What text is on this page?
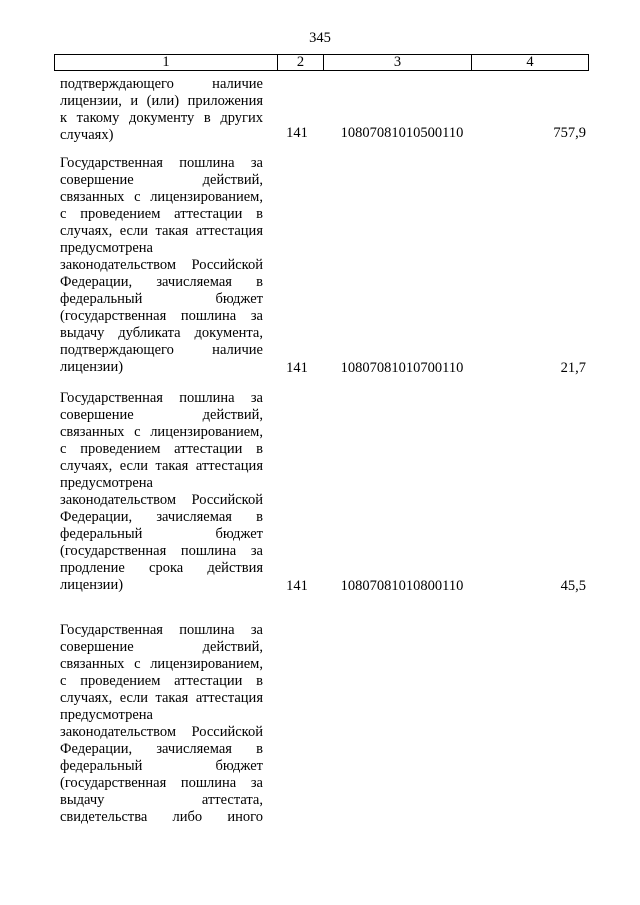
345
1	2	3	4
подтверждающего наличие
лицензии, и (или) приложения
к такому документу в других
случаях)	141	10807081010500110	757,9
Государственная пошлина за
совершение действий,
связанных с лицензированием,
с проведением аттестации в
случаях, если такая аттестация
предусмотрена
законодательством Российской
Федерации, зачисляемая в
федеральный бюджет
(государственная пошлина за
выдачу дубликата документа,
подтверждающего наличие
лицензии)	141	10807081010700110	21,7
Государственная пошлина за
совершение действий,
связанных с лицензированием,
с проведением аттестации в
случаях, если такая аттестация
предусмотрена
законодательством Российской
Федерации, зачисляемая в
федеральный бюджет
(государственная пошлина за
продление срока действия
лицензии)	141	10807081010800110	45,5
Государственная пошлина за
совершение действий,
связанных с лицензированием,
с проведением аттестации в
случаях, если такая аттестация
предусмотрена
законодательством Российской
Федерации, зачисляемая в
федеральный бюджет
(государственная пошлина за
выдачу аттестата,
свидетельства либо иного
